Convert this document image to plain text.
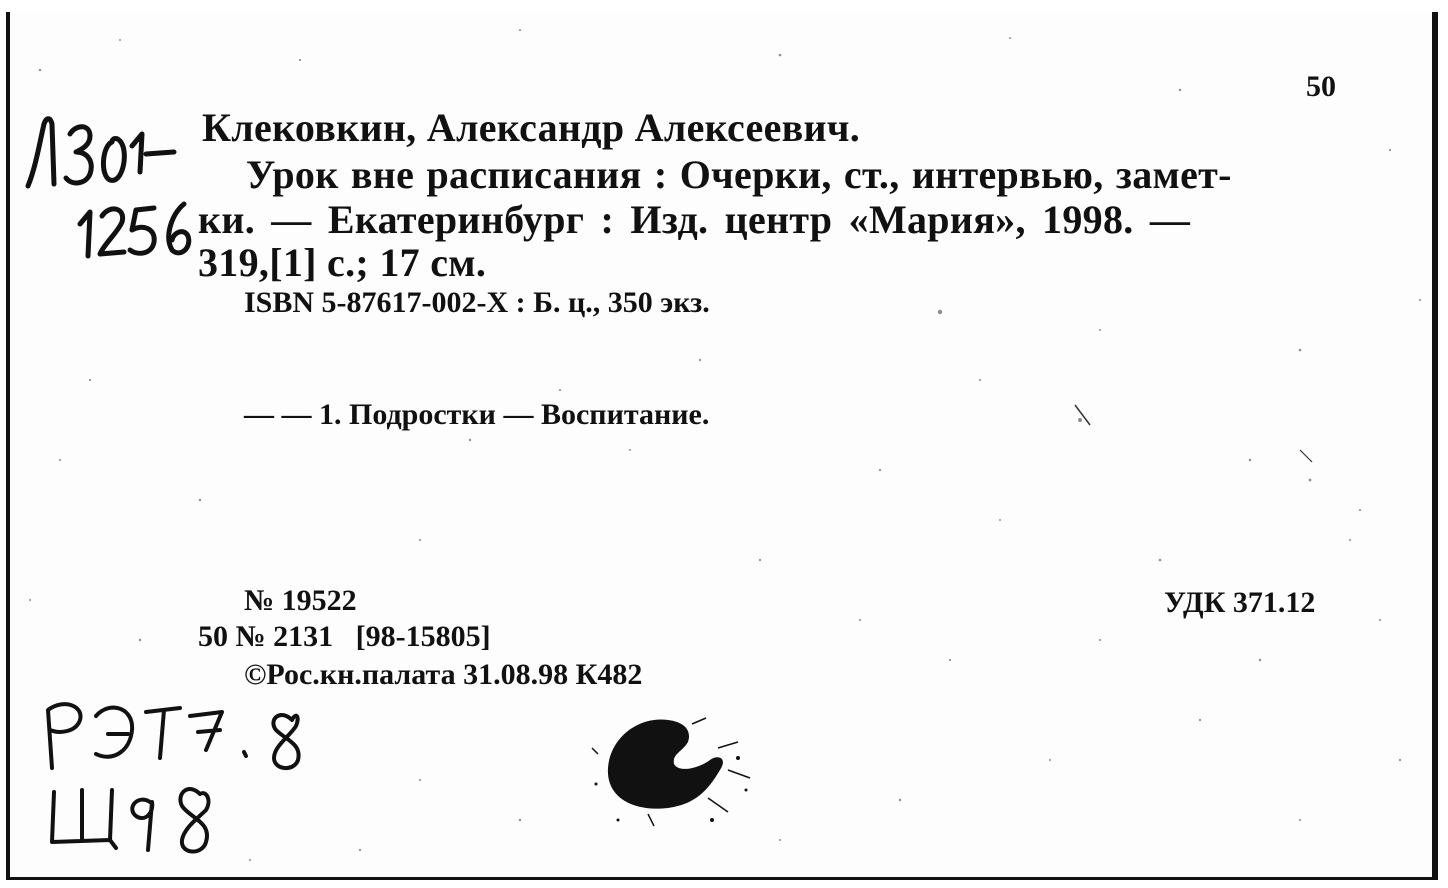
50
Клековкин, Александр Алексеевич.
Урок вне расписания : Очерки, ст., интервью, замет-
ки. — Екатеринбург : Изд. центр «Мария», 1998. —
319,[1] с.; 17 см.
ISBN 5-87617-002-X : Б. ц., 350 экз.
— — 1. Подростки — Воспитание.
№ 19522
50 № 2131   [98-15805]
©Рос.кн.палата 31.08.98 К482
УДК 371.12
